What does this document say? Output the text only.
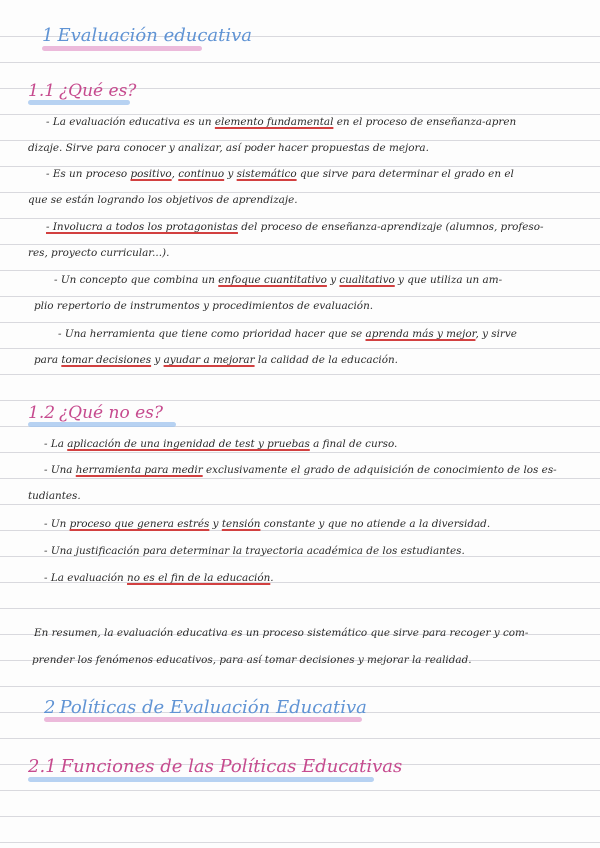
1 Evaluación educativa
1.1 ¿Qué es?
- La evaluación educativa es un elemento fundamental en el proceso de enseñanza-apren
dizaje. Sirve para conocer y analizar, así poder hacer propuestas de mejora.
- Es un proceso positivo, continuo y sistemático que sirve para determinar el grado en el
que se están logrando los objetivos de aprendizaje.
- Involucra a todos los protagonistas del proceso de enseñanza-aprendizaje (alumnos, profeso-
res, proyecto curricular...).
- Un concepto que combina un enfoque cuantitativo y cualitativo y que utiliza un am-
plio repertorio de instrumentos y procedimientos de evaluación.
- Una herramienta que tiene como prioridad hacer que se aprenda más y mejor, y sirve
para tomar decisiones y ayudar a mejorar la calidad de la educación.
1.2 ¿Qué no es?
- La aplicación de una ingenidad de test y pruebas a final de curso.
- Una herramienta para medir exclusivamente el grado de adquisición de conocimiento de los es-
tudiantes.
- Un proceso que genera estrés y tensión constante y que no atiende a la diversidad.
- Una justificación para determinar la trayectoria académica de los estudiantes.
- La evaluación no es el fin de la educación.
En resumen, la evaluación educativa es un proceso sistemático que sirve para recoger y com-
prender los fenómenos educativos, para así tomar decisiones y mejorar la realidad.
2 Políticas de Evaluación Educativa
2.1 Funciones de las Políticas Educativas
